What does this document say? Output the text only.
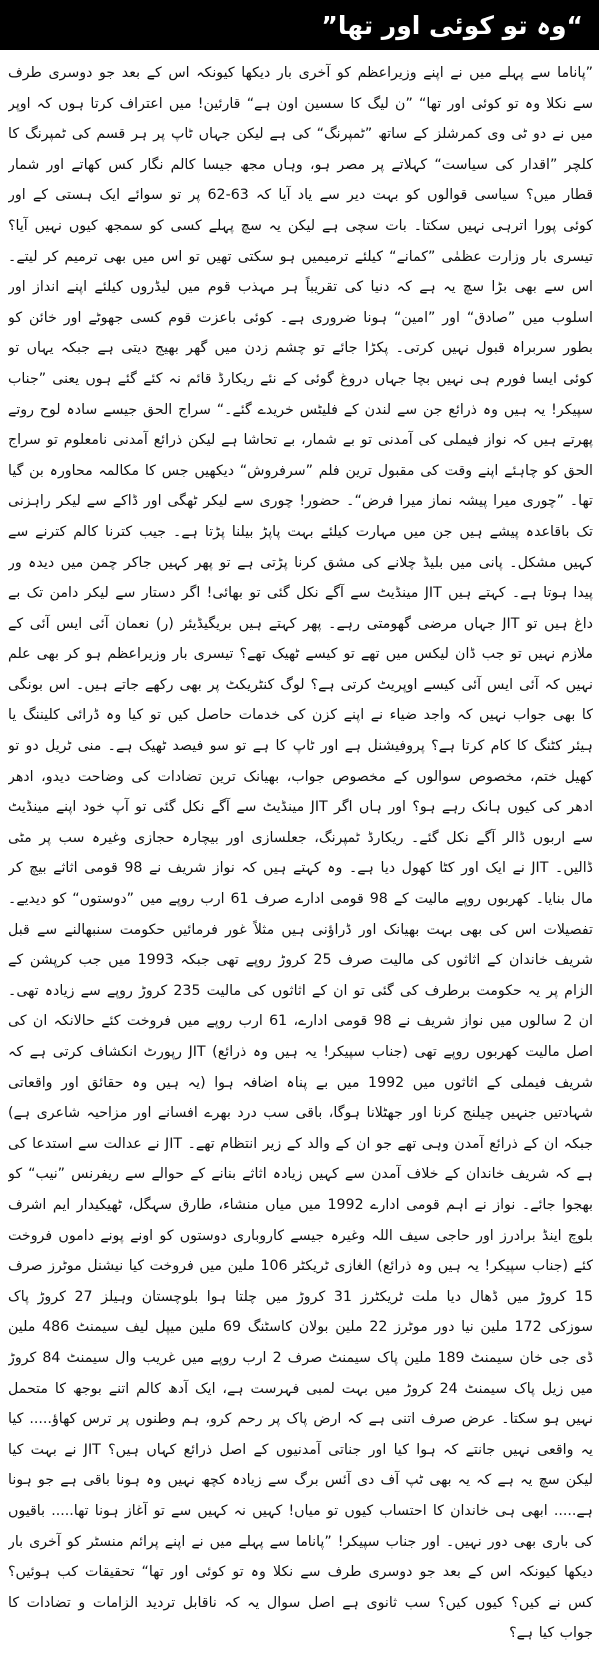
“وہ تو کوئی اور تھا”

”پاناما سے پہلے میں نے اپنے وزیراعظم کو آخری بار دیکھا کیونکہ اس کے بعد جو دوسری طرف سے نکلا وہ تو کوئی اور تھا“ ”ن لیگ کا سسین اون ہے“ قارئین! میں اعتراف کرتا ہوں کہ اوپر میں نے دو ٹی وی کمرشلز کے ساتھ ”ٹمپرنگ“ کی ہے لیکن جہاں ٹاپ پر ہر قسم کی ٹمپرنگ کا کلچر ”اقدار کی سیاست“ کہلاتے پر مصر ہو، وہاں مجھ جیسا کالم نگار کس کھاتے اور شمار قطار میں؟ سیاسی قوالوں کو بہت دیر سے یاد آیا کہ 63-62 پر تو سوائے ایک ہستی کے اور کوئی پورا اترہی نہیں سکتا۔ بات سچی ہے لیکن یہ سچ پہلے کسی کو سمجھ کیوں نہیں آیا؟ تیسری بار وزارت عظمٰی ”کمانے“ کیلئے ترمیمیں ہو سکتی تھیں تو اس میں بھی ترمیم کر لیتے۔ اس سے بھی بڑا سچ یہ ہے کہ دنیا کی تقریباً ہر مہذب قوم میں لیڈروں کیلئے اپنے انداز اور اسلوب میں ”صادق“ اور ”امین“ ہونا ضروری ہے۔ کوئی باعزت قوم کسی جھوٹے اور خائن کو بطور سربراہ قبول نہیں کرتی۔ پکڑا جائے تو چشم زدن میں گھر بھیج دیتی ہے جبکہ یہاں تو کوئی ایسا فورم ہی نہیں بچا جہاں دروغ گوئی کے نئے ریکارڈ قائم نہ کئے گئے ہوں یعنی ”جناب سپیکر! یہ ہیں وہ ذرائع جن سے لندن کے فلیٹس خریدے گئے۔“ سراج الحق جیسے سادہ لوح روتے پھرتے ہیں کہ نواز فیملی کی آمدنی تو بے شمار، بے تحاشا ہے لیکن ذرائع آمدنی نامعلوم تو سراج الحق کو چاہئے اپنے وقت کی مقبول ترین فلم ”سرفروش“ دیکھیں جس کا مکالمہ محاورہ بن گیا تھا۔ ”چوری میرا پیشہ نماز میرا فرض“۔ حضور! چوری سے لیکر ٹھگی اور ڈاکے سے لیکر راہزنی تک باقاعدہ پیشے ہیں جن میں مہارت کیلئے بہت پاپڑ بیلنا پڑتا ہے۔ جیب کترنا کالم کترنے سے کہیں مشکل۔ پانی میں بلیڈ چلانے کی مشق کرنا پڑتی ہے تو پھر کہیں جاکر چمن میں دیدہ ور پیدا ہوتا ہے۔ کہتے ہیں JIT مینڈیٹ سے آگے نکل گئی تو بھائی! اگر دستار سے لیکر دامن تک بے داغ ہیں تو JIT جہاں مرضی گھومتی رہے۔ پھر کہتے ہیں بریگیڈیئر (ر) نعمان آئی ایس آئی کے ملازم نہیں تو جب ڈان لیکس میں تھے تو کیسے ٹھیک تھے؟ تیسری بار وزیراعظم ہو کر بھی علم نہیں کہ آئی ایس آئی کیسے اوپریٹ کرتی ہے؟ لوگ کنٹریکٹ پر بھی رکھے جاتے ہیں۔ اس بونگی کا بھی جواب نہیں کہ واجد ضیاء نے اپنے کزن کی خدمات حاصل کیں تو کیا وہ ڈرائی کلیننگ یا ہیئر کٹنگ کا کام کرتا ہے؟ پروفیشنل ہے اور ٹاپ کا ہے تو سو فیصد ٹھیک ہے۔ منی ٹریل دو تو کھیل ختم، مخصوص سوالوں کے مخصوص جواب، بھیانک ترین تضادات کی وضاحت دیدو، ادھر ادھر کی کیوں ہانک رہے ہو؟ اور ہاں اگر JIT مینڈیٹ سے آگے نکل گئی تو آپ خود اپنے مینڈیٹ سے اربوں ڈالر آگے نکل گئے۔ ریکارڈ ٹمپرنگ، جعلسازی اور بیچارہ حجازی وغیرہ سب پر مٹی ڈالیں۔ JIT نے ایک اور کٹا کھول دیا ہے۔ وہ کہتے ہیں کہ نواز شریف نے 98 قومی اثاثے بیچ کر مال بنایا۔ کھربوں روپے مالیت کے 98 قومی ادارے صرف 61 ارب روپے میں ”دوستوں“ کو دیدیے۔ تفصیلات اس کی بھی بہت بھیانک اور ڈراؤنی ہیں مثلاً غور فرمائیں حکومت سنبھالنے سے قبل شریف خاندان کے اثاثوں کی مالیت صرف 25 کروڑ روپے تھی جبکہ 1993 میں جب کرپشن کے الزام پر یہ حکومت برطرف کی گئی تو ان کے اثاثوں کی مالیت 235 کروڑ روپے سے زیادہ تھی۔ ان 2 سالوں میں نواز شریف نے 98 قومی ادارے، 61 ارب روپے میں فروخت کئے حالانکہ ان کی اصل مالیت کھربوں روپے تھی (جناب سپیکر! یہ ہیں وہ ذرائع) JIT رپورٹ انکشاف کرتی ہے کہ شریف فیملی کے اثاثوں میں 1992 میں بے پناہ اضافہ ہوا (یہ ہیں وہ حقائق اور واقعاتی شہادتیں جنہیں چیلنج کرنا اور جھٹلانا ہوگا، باقی سب درد بھرے افسانے اور مزاحیہ شاعری ہے) جبکہ ان کے ذرائع آمدن وہی تھے جو ان کے والد کے زیر انتظام تھے۔ JIT نے عدالت سے استدعا کی ہے کہ شریف خاندان کے خلاف آمدن سے کہیں زیادہ اثاثے بنانے کے حوالے سے ریفرنس ”نیب“ کو بھجوا جائے۔ نواز نے اہم قومی ادارے 1992 میں میاں منشاء، طارق سہگل، ٹھیکیدار ایم اشرف بلوچ اینڈ برادرز اور حاجی سیف اللہ وغیرہ جیسے کاروباری دوستوں کو اونے پونے داموں فروخت کئے (جناب سپیکر! یہ ہیں وہ ذرائع) الغازی ٹریکٹر 106 ملین میں فروخت کیا نیشنل موٹرز صرف 15 کروڑ میں ڈھال دیا ملت ٹریکٹرز 31 کروڑ میں چلتا ہوا بلوچستان وہیلز 27 کروڑ پاک سوزکی 172 ملین نیا دور موٹرز 22 ملین بولان کاسٹنگ 69 ملین میپل لیف سیمنٹ 486 ملین ڈی جی خان سیمنٹ 189 ملین پاک سیمنٹ صرف 2 ارب روپے میں غریب وال سیمنٹ 84 کروڑ میں زیل پاک سیمنٹ 24 کروڑ میں بہت لمبی فہرست ہے، ایک آدھ کالم اتنے بوجھ کا متحمل نہیں ہو سکتا۔ عرض صرف اتنی ہے کہ ارض پاک پر رحم کرو، ہم وطنوں پر ترس کھاؤ..... کیا یہ واقعی نہیں جانتے کہ ہوا کیا اور جناتی آمدنیوں کے اصل ذرائع کہاں ہیں؟ JIT نے بہت کیا لیکن سچ یہ ہے کہ یہ بھی ٹپ آف دی آئس برگ سے زیادہ کچھ نہیں وہ ہونا باقی ہے جو ہونا ہے..... ابھی ہی خاندان کا احتساب کیوں تو میاں! کہیں نہ کہیں سے تو آغاز ہونا تھا..... باقیوں کی باری بھی دور نہیں۔ اور جناب سپیکر! ”پاناما سے پہلے میں نے اپنے پرائم منسٹر کو آخری بار دیکھا کیونکہ اس کے بعد جو دوسری طرف سے نکلا وہ تو کوئی اور تھا“ تحقیقات کب ہوئیں؟ کس نے کیں؟ کیوں کیں؟ سب ثانوی ہے اصل سوال یہ کہ ناقابل تردید الزامات و تضادات کا جواب کیا ہے؟
